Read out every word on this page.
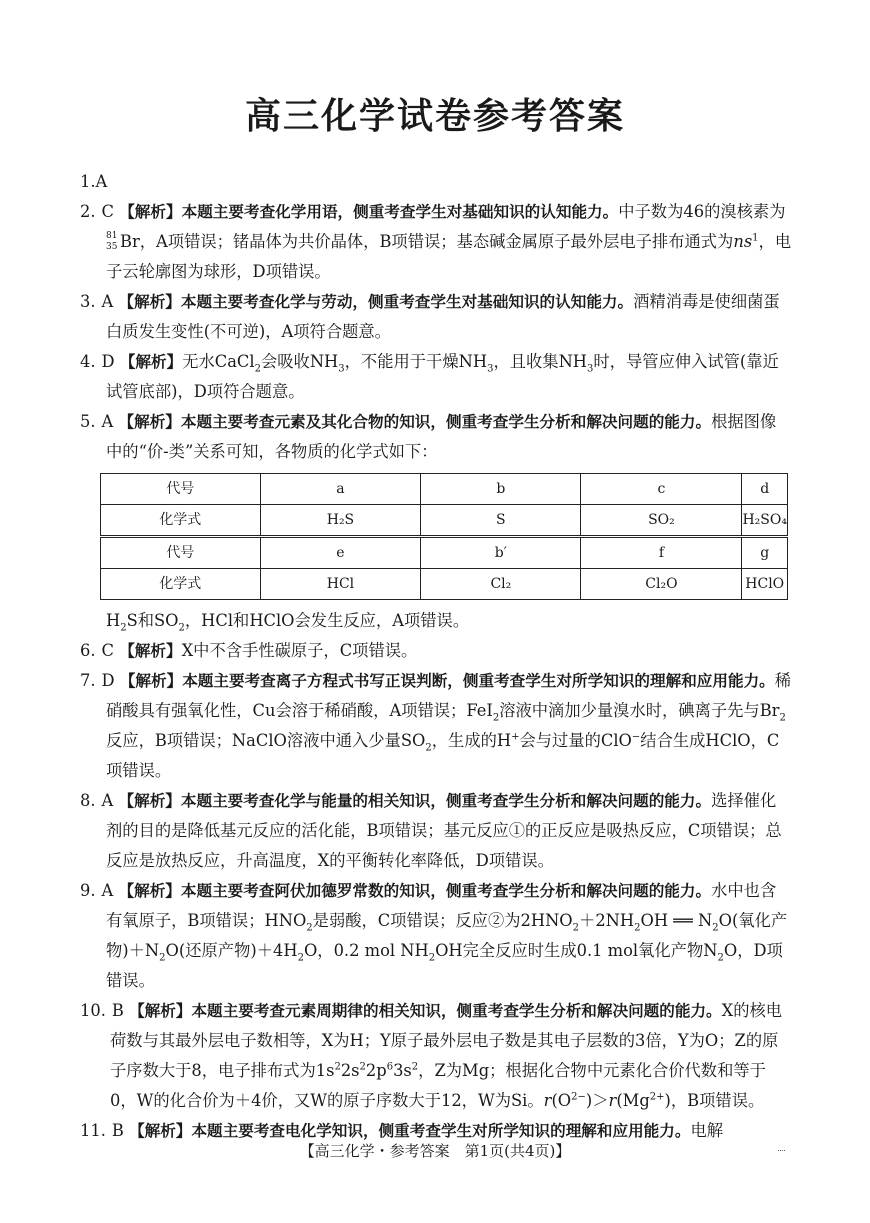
高三化学试卷参考答案

1.A

2. C 【解析】本题主要考查化学用语，侧重考查学生对基础知识的认知能力。中子数为46的溴核素为
81
35 Br，A项错误；锗晶体为共价晶体，B项错误；基态碱金属原子最外层电子排布通式为$ns^1$，电子云轮廓图为球形，D项错误。

3. A 【解析】本题主要考查化学与劳动，侧重考查学生对基础知识的认知能力。酒精消毒是使细菌蛋白质发生变性(不可逆)，A项符合题意。

4. D 【解析】无水CaCl$_2$会吸收$NH_3$，不能用于干燥$NH_3$，且收集$NH_3$时，导管应伸入试管(靠近试管底部)，D项符合题意。

5. A 【解析】本题主要考查元素及其化合物的知识，侧重考查学生分析和解决问题的能力。根据图像中的“价-类”关系可知，各物质的化学式如下：

代号	a	b	c	d
化学式	H₂S	S	SO₂	H₂SO₄
代号	e	b′	f	g
化学式	HCl	Cl₂	Cl₂O	HClO

$H_2S$和$SO_2$，HCl和HClO会发生反应，A项错误。

6. C 【解析】X中不含手性碳原子，C项错误。

7. D 【解析】本题主要考查离子方程式书写正误判断，侧重考查学生对所学知识的理解和应用能力。稀硝酸具有强氧化性，Cu会溶于稀硝酸，A项错误；FeI$_2$溶液中滴加少量溴水时，碘离子先与$Br_2$反应，B项错误；NaClO溶液中通入少量$SO_2$，生成的H+会与过量的ClO−结合生成HClO，C项错误。

8. A 【解析】本题主要考查化学与能量的相关知识，侧重考查学生分析和解决问题的能力。选择催化剂的目的是降低基元反应的活化能，B项错误；基元反应①的正反应是吸热反应，C项错误；总反应是放热反应，升高温度，X的平衡转化率降低，D项错误。

9. A 【解析】本题主要考查阿伏加德罗常数的知识，侧重考查学生分析和解决问题的能力。水中也含有氧原子，B项错误；$HNO_2$是弱酸，C项错误；反应②为$2HNO_2+2NH_2OH$ ══ $N_2O$(氧化产物)$+N_2O$(还原产物)$+4H_2O$，0.2 mol $NH_2OH$完全反应时生成0.1 mol氧化产物$N_2O$，D项错误。

10. B 【解析】本题主要考查元素周期律的相关知识，侧重考查学生分析和解决问题的能力。X的核电荷数与其最外层电子数相等，X为H；Y原子最外层电子数是其电子层数的3倍，Y为O；Z的原子序数大于8，电子排布式为$1s^22s^22p^63s^2$，Z为Mg；根据化合物中元素化合价代数和等于0，W的化合价为＋4价，又W的原子序数大于12，W为Si。$r(O^{2-})>r(Mg^{2+})$，B项错误。

11. B 【解析】本题主要考查电化学知识，侧重考查学生对所学知识的理解和应用能力。电解

【高三化学・参考答案　第1页(共4页)】
